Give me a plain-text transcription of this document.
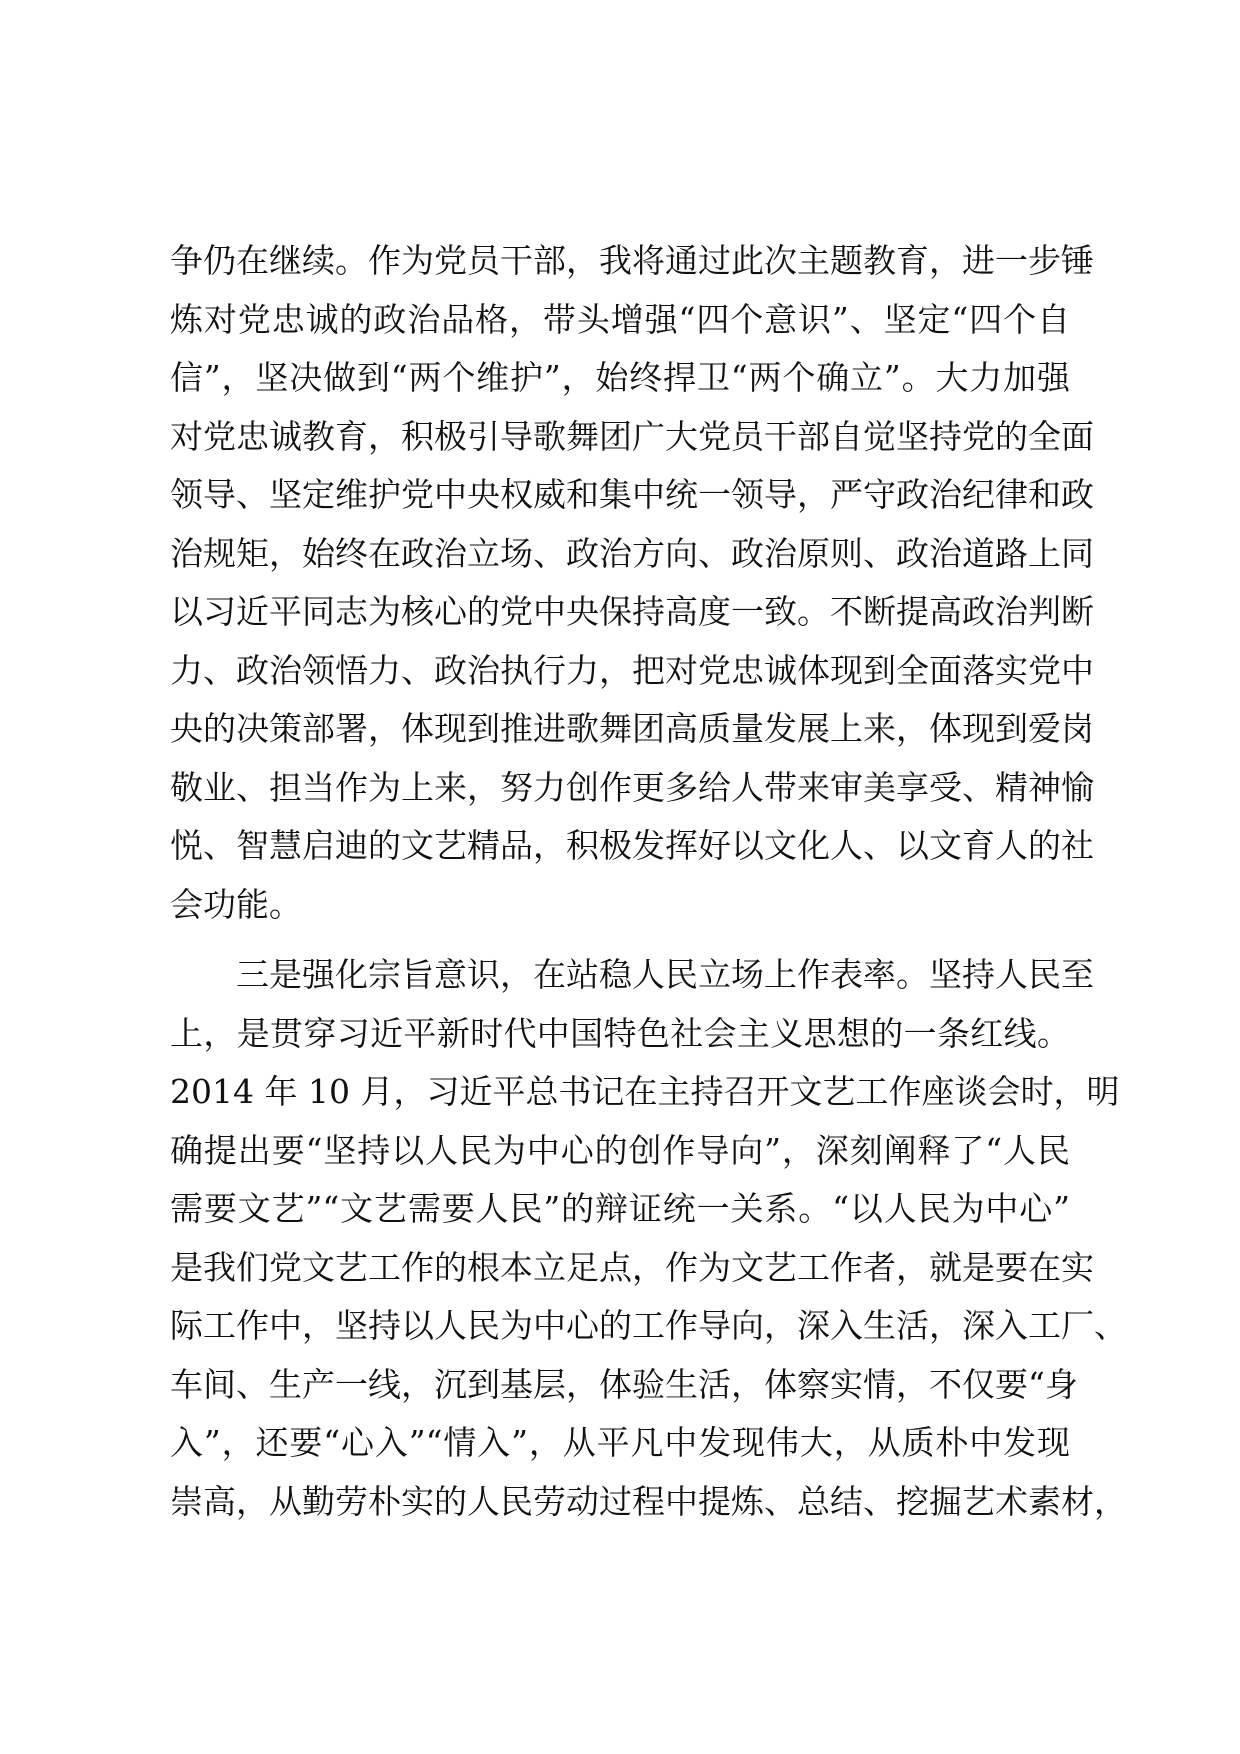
争仍在继续。作为党员干部，我将通过此次主题教育，进一步锤
炼对党忠诚的政治品格，带头增强“四个意识”、坚定“四个自
信”，坚决做到“两个维护”，始终捍卫“两个确立”。大力加强
对党忠诚教育，积极引导歌舞团广大党员干部自觉坚持党的全面
领导、坚定维护党中央权威和集中统一领导，严守政治纪律和政
治规矩，始终在政治立场、政治方向、政治原则、政治道路上同
以习近平同志为核心的党中央保持高度一致。不断提高政治判断
力、政治领悟力、政治执行力，把对党忠诚体现到全面落实党中
央的决策部署，体现到推进歌舞团高质量发展上来，体现到爱岗
敬业、担当作为上来，努力创作更多给人带来审美享受、精神愉
悦、智慧启迪的文艺精品，积极发挥好以文化人、以文育人的社
会功能。
　　三是强化宗旨意识，在站稳人民立场上作表率。坚持人民至
上，是贯穿习近平新时代中国特色社会主义思想的一条红线。
2014 年 10 月，习近平总书记在主持召开文艺工作座谈会时，明
确提出要“坚持以人民为中心的创作导向”，深刻阐释了“人民
需要文艺”“文艺需要人民”的辩证统一关系。“以人民为中心”
是我们党文艺工作的根本立足点，作为文艺工作者，就是要在实
际工作中，坚持以人民为中心的工作导向，深入生活，深入工厂、
车间、生产一线，沉到基层，体验生活，体察实情，不仅要“身
入”，还要“心入”“情入”，从平凡中发现伟大，从质朴中发现
崇高，从勤劳朴实的人民劳动过程中提炼、总结、挖掘艺术素材，
